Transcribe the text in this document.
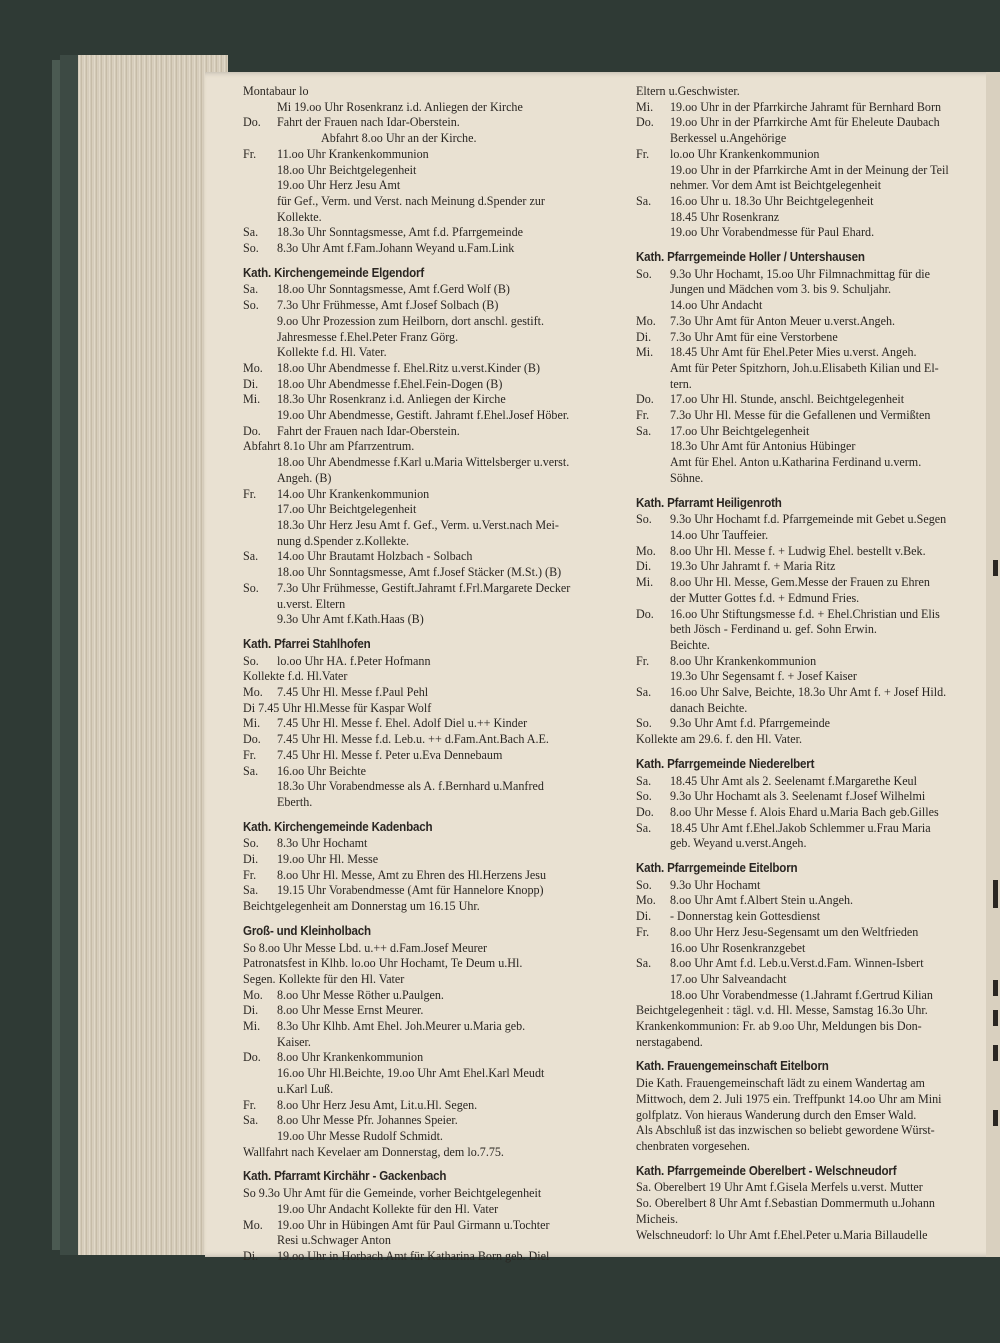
Montabaur lo
Mi 19.oo Uhr Rosenkranz i.d. Anliegen der Kirche
Do. Fahrt der Frauen nach Idar-Oberstein.
Abfahrt 8.oo Uhr an der Kirche.
Fr. 11.oo Uhr Krankenkommunion
18.oo Uhr Beichtgelegenheit
19.oo Uhr Herz Jesu Amt
für Gef., Verm. und Verst. nach Meinung d.Spender zur
Kollekte.
Sa. 18.3o Uhr Sonntagsmesse, Amt f.d. Pfarrgemeinde
So. 8.3o Uhr Amt f.Fam.Johann Weyand u.Fam.Link
Kath. Kirchengemeinde Elgendorf
Sa. 18.oo Uhr Sonntagsmesse, Amt f.Gerd Wolf (B)
So. 7.3o Uhr Frühmesse, Amt f.Josef Solbach (B)
9.oo Uhr Prozession zum Heilborn, dort anschl. gestift.
Jahresmesse f.Ehel.Peter Franz Görg.
Kollekte f.d. Hl. Vater.
Mo. 18.oo Uhr Abendmesse f. Ehel.Ritz u.verst.Kinder (B)
Di. 18.oo Uhr Abendmesse f.Ehel.Fein-Dogen (B)
Mi. 18.3o Uhr Rosenkranz i.d. Anliegen der Kirche
19.oo Uhr Abendmesse, Gestift. Jahramt f.Ehel.Josef Höber.
Do. Fahrt der Frauen nach Idar-Oberstein.
Abfahrt 8.1o Uhr am Pfarrzentrum.
18.oo Uhr Abendmesse f.Karl u.Maria Wittelsberger u.verst.
Angeh. (B)
Fr. 14.oo Uhr Krankenkommunion
17.oo Uhr Beichtgelegenheit
18.3o Uhr Herz Jesu Amt f. Gef., Verm. u.Verst.nach Mei-
nung d.Spender z.Kollekte.
Sa. 14.oo Uhr Brautamt Holzbach - Solbach
18.oo Uhr Sonntagsmesse, Amt f.Josef Stäcker (M.St.) (B)
So. 7.3o Uhr Frühmesse, Gestift.Jahramt f.Frl.Margarete Decker
u.verst. Eltern
9.3o Uhr Amt f.Kath.Haas (B)
Kath. Pfarrei Stahlhofen
So. lo.oo Uhr HA. f.Peter Hofmann
Kollekte f.d. Hl.Vater
Mo. 7.45 Uhr Hl. Messe f.Paul Pehl
Di 7.45 Uhr Hl.Messe für Kaspar Wolf
Mi. 7.45 Uhr Hl. Messe f. Ehel. Adolf Diel u.++ Kinder
Do. 7.45 Uhr Hl. Messe f.d. Leb.u. ++ d.Fam.Ant.Bach A.E.
Fr. 7.45 Uhr Hl. Messe f. Peter u.Eva Dennebaum
Sa. 16.oo Uhr Beichte
18.3o Uhr Vorabendmesse als A. f.Bernhard u.Manfred
Eberth.
Kath. Kirchengemeinde Kadenbach
So. 8.3o Uhr Hochamt
Di. 19.oo Uhr Hl. Messe
Fr. 8.oo Uhr Hl. Messe, Amt zu Ehren des Hl.Herzens Jesu
Sa. 19.15 Uhr Vorabendmesse (Amt für Hannelore Knopp)
Beichtgelegenheit am Donnerstag um 16.15 Uhr.
Groß- und Kleinholbach
So 8.oo Uhr Messe Lbd. u.++ d.Fam.Josef Meurer
Patronatsfest in Klhb. lo.oo Uhr Hochamt, Te Deum u.Hl.
Segen. Kollekte für den Hl. Vater
Mo. 8.oo Uhr Messe Röther u.Paulgen.
Di. 8.oo Uhr Messe Ernst Meurer.
Mi. 8.3o Uhr Klhb. Amt Ehel. Joh.Meurer u.Maria geb.
Kaiser.
Do. 8.oo Uhr Krankenkommunion
16.oo Uhr Hl.Beichte, 19.oo Uhr Amt Ehel.Karl Meudt
u.Karl Luß.
Fr. 8.oo Uhr Herz Jesu Amt, Lit.u.Hl. Segen.
Sa. 8.oo Uhr Messe Pfr. Johannes Speier.
19.oo Uhr Messe Rudolf Schmidt.
Wallfahrt nach Kevelaer am Donnerstag, dem lo.7.75.
Kath. Pfarramt Kirchähr - Gackenbach
So 9.3o Uhr Amt für die Gemeinde, vorher Beichtgelegenheit
19.oo Uhr Andacht Kollekte für den Hl. Vater
Mo. 19.oo Uhr in Hübingen Amt für Paul Girmann u.Tochter
Resi u.Schwager Anton
Di. 19.oo Uhr in Horbach Amt für Katharina Born geb. Diel
Eltern u.Geschwister.
Mi. 19.oo Uhr in der Pfarrkirche Jahramt für Bernhard Born
Do. 19.oo Uhr in der Pfarrkirche Amt für Eheleute Daubach
Berkessel u.Angehörige
Fr. lo.oo Uhr Krankenkommunion
19.oo Uhr in der Pfarrkirche Amt in der Meinung der Teil
nehmer. Vor dem Amt ist Beichtgelegenheit
Sa. 16.oo Uhr u. 18.3o Uhr Beichtgelegenheit
18.45 Uhr Rosenkranz
19.oo Uhr Vorabendmesse für Paul Ehard.
Kath. Pfarrgemeinde Holler / Untershausen
So. 9.3o Uhr Hochamt, 15.oo Uhr Filmnachmittag für die
Jungen und Mädchen vom 3. bis 9. Schuljahr.
14.oo Uhr Andacht
Mo. 7.3o Uhr Amt für Anton Meuer u.verst.Angeh.
Di. 7.3o Uhr Amt für eine Verstorbene
Mi. 18.45 Uhr Amt für Ehel.Peter Mies u.verst. Angeh.
Amt für Peter Spitzhorn, Joh.u.Elisabeth Kilian und El-
tern.
Do. 17.oo Uhr Hl. Stunde, anschl. Beichtgelegenheit
Fr. 7.3o Uhr Hl. Messe für die Gefallenen und Vermißten
Sa. 17.oo Uhr Beichtgelegenheit
18.3o Uhr Amt für Antonius Hübinger
Amt für Ehel. Anton u.Katharina Ferdinand u.verm.
Söhne.
Kath. Pfarramt Heiligenroth
So. 9.3o Uhr Hochamt f.d. Pfarrgemeinde mit Gebet u.Segen
14.oo Uhr Tauffeier.
Mo. 8.oo Uhr Hl. Messe f. + Ludwig Ehel. bestellt v.Bek.
Di. 19.3o Uhr Jahramt f. + Maria Ritz
Mi. 8.oo Uhr Hl. Messe, Gem.Messe der Frauen zu Ehren
der Mutter Gottes f.d. + Edmund Fries.
Do. 16.oo Uhr Stiftungsmesse f.d. + Ehel.Christian und Elis
beth Jösch - Ferdinand u. gef. Sohn Erwin.
Beichte.
Fr. 8.oo Uhr Krankenkommunion
19.3o Uhr Segensamt f. + Josef Kaiser
Sa. 16.oo Uhr Salve, Beichte, 18.3o Uhr Amt f. + Josef Hild.
danach Beichte.
So. 9.3o Uhr Amt f.d. Pfarrgemeinde
Kollekte am 29.6. f. den Hl. Vater.
Kath. Pfarrgemeinde Niederelbert
Sa. 18.45 Uhr Amt als 2. Seelenamt f.Margarethe Keul
So. 9.3o Uhr Hochamt als 3. Seelenamt f.Josef Wilhelmi
Do. 8.oo Uhr Messe f. Alois Ehard u.Maria Bach geb.Gilles
Sa. 18.45 Uhr Amt f.Ehel.Jakob Schlemmer u.Frau Maria
geb. Weyand u.verst.Angeh.
Kath. Pfarrgemeinde Eitelborn
So. 9.3o Uhr Hochamt
Mo. 8.oo Uhr Amt f.Albert Stein u.Angeh.
Di. - Donnerstag kein Gottesdienst
Fr. 8.oo Uhr Herz Jesu-Segensamt um den Weltfrieden
16.oo Uhr Rosenkranzgebet
Sa. 8.oo Uhr Amt f.d. Leb.u.Verst.d.Fam. Winnen-Isbert
17.oo Uhr Salveandacht
18.oo Uhr Vorabendmesse (1.Jahramt f.Gertrud Kilian
Beichtgelegenheit : tägl. v.d. Hl. Messe, Samstag 16.3o Uhr.
Krankenkommunion: Fr. ab 9.oo Uhr, Meldungen bis Don-
nerstagabend.
Kath. Frauengemeinschaft Eitelborn
Die Kath. Frauengemeinschaft lädt zu einem Wandertag am
Mittwoch, dem 2. Juli 1975 ein. Treffpunkt 14.oo Uhr am Mini
golfplatz. Von hieraus Wanderung durch den Emser Wald.
Als Abschluß ist das inzwischen so beliebt gewordene Würst-
chenbraten vorgesehen.
Kath. Pfarrgemeinde Oberelbert - Welschneudorf
Sa. Oberelbert 19 Uhr Amt f.Gisela Merfels u.verst. Mutter
So. Oberelbert 8 Uhr Amt f.Sebastian Dommermuth u.Johann
Micheis.
Welschneudorf: lo Uhr Amt f.Ehel.Peter u.Maria Billaudelle
